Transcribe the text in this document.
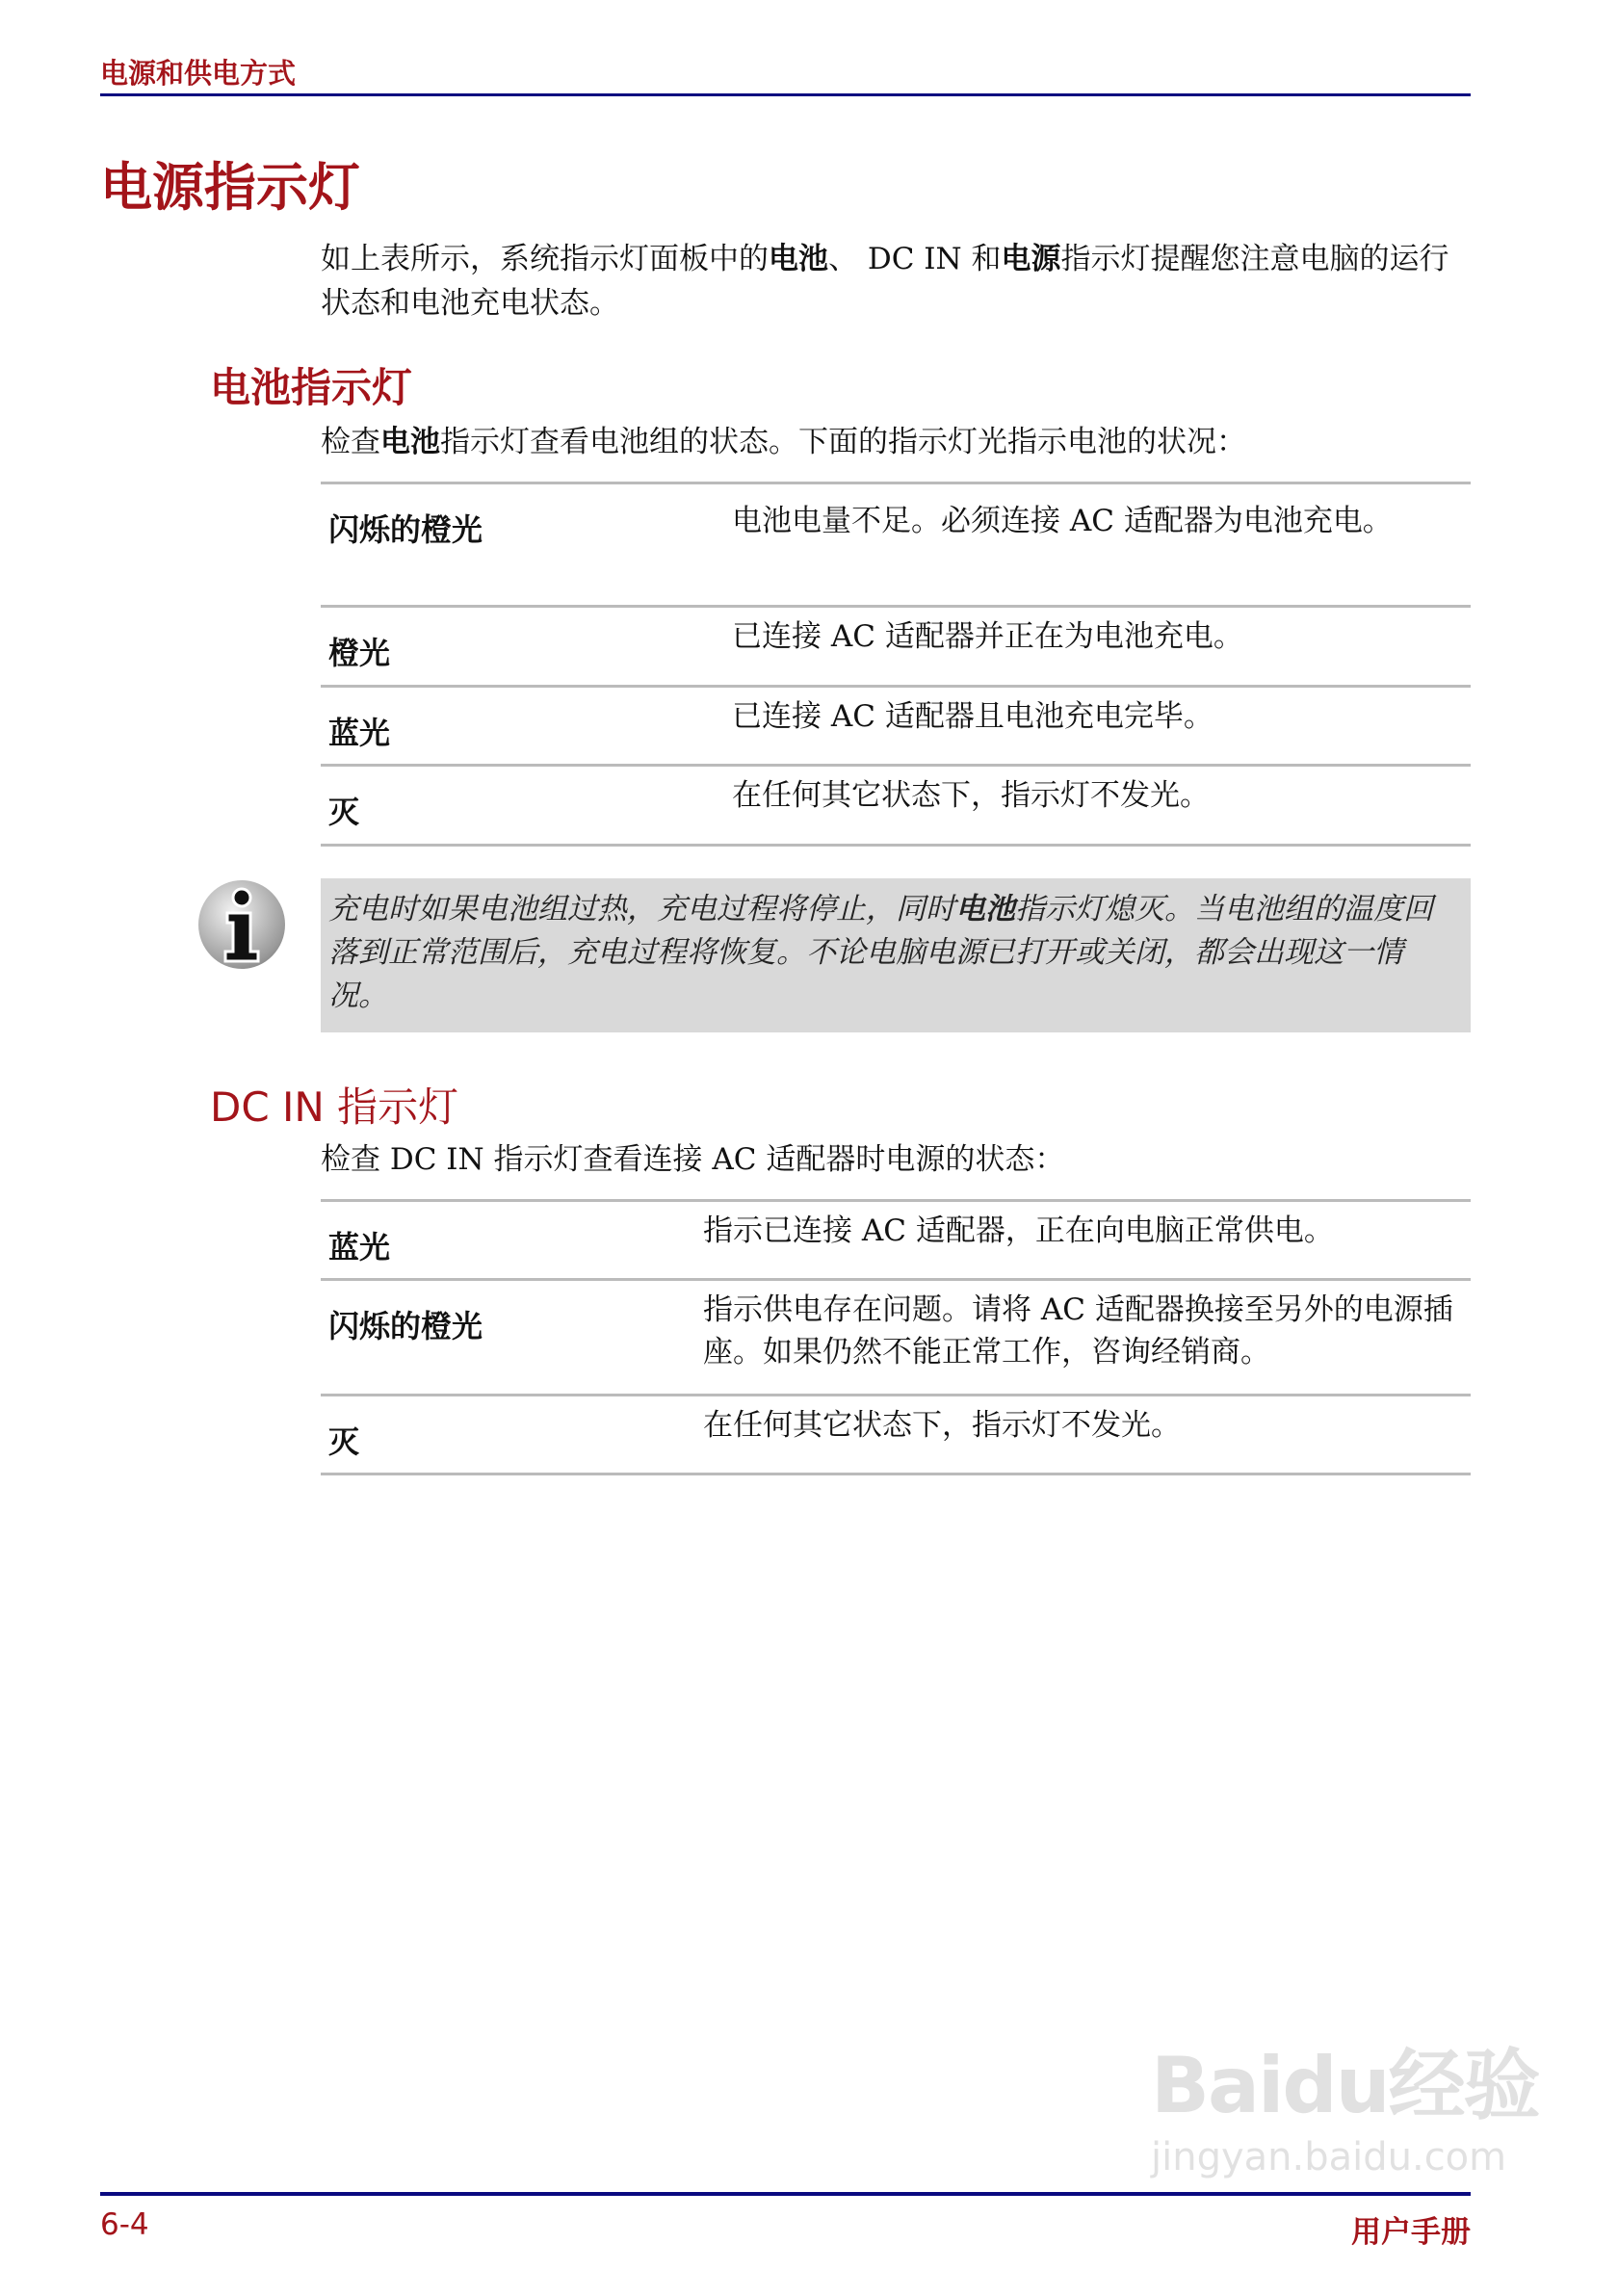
电源和供电方式
电源指示灯
如上表所示，系统指示灯面板中的电池、 DC IN 和电源指示灯提醒您注意电脑的运行状态和电池充电状态。
电池指示灯
检查电池指示灯查看电池组的状态。下面的指示灯光指示电池的状况：
闪烁的橙光	电池电量不足。必须连接 AC 适配器为电池充电。
橙光	已连接 AC 适配器并正在为电池充电。
蓝光	已连接 AC 适配器且电池充电完毕。
灭	在任何其它状态下，指示灯不发光。

充电时如果电池组过热，充电过程将停止，同时电池指示灯熄灭。当电池组的温度回落到正常范围后，充电过程将恢复。不论电脑电源已打开或关闭，都会出现这一情况。

DC IN 指示灯
检查 DC IN 指示灯查看连接 AC 适配器时电源的状态：
蓝光	指示已连接 AC 适配器，正在向电脑正常供电。
闪烁的橙光	指示供电存在问题。请将 AC 适配器换接至另外的电源插座。如果仍然不能正常工作，咨询经销商。
灭	在任何其它状态下，指示灯不发光。
Baidu经验
jingyan.baidu.com
6-4	用户手册
